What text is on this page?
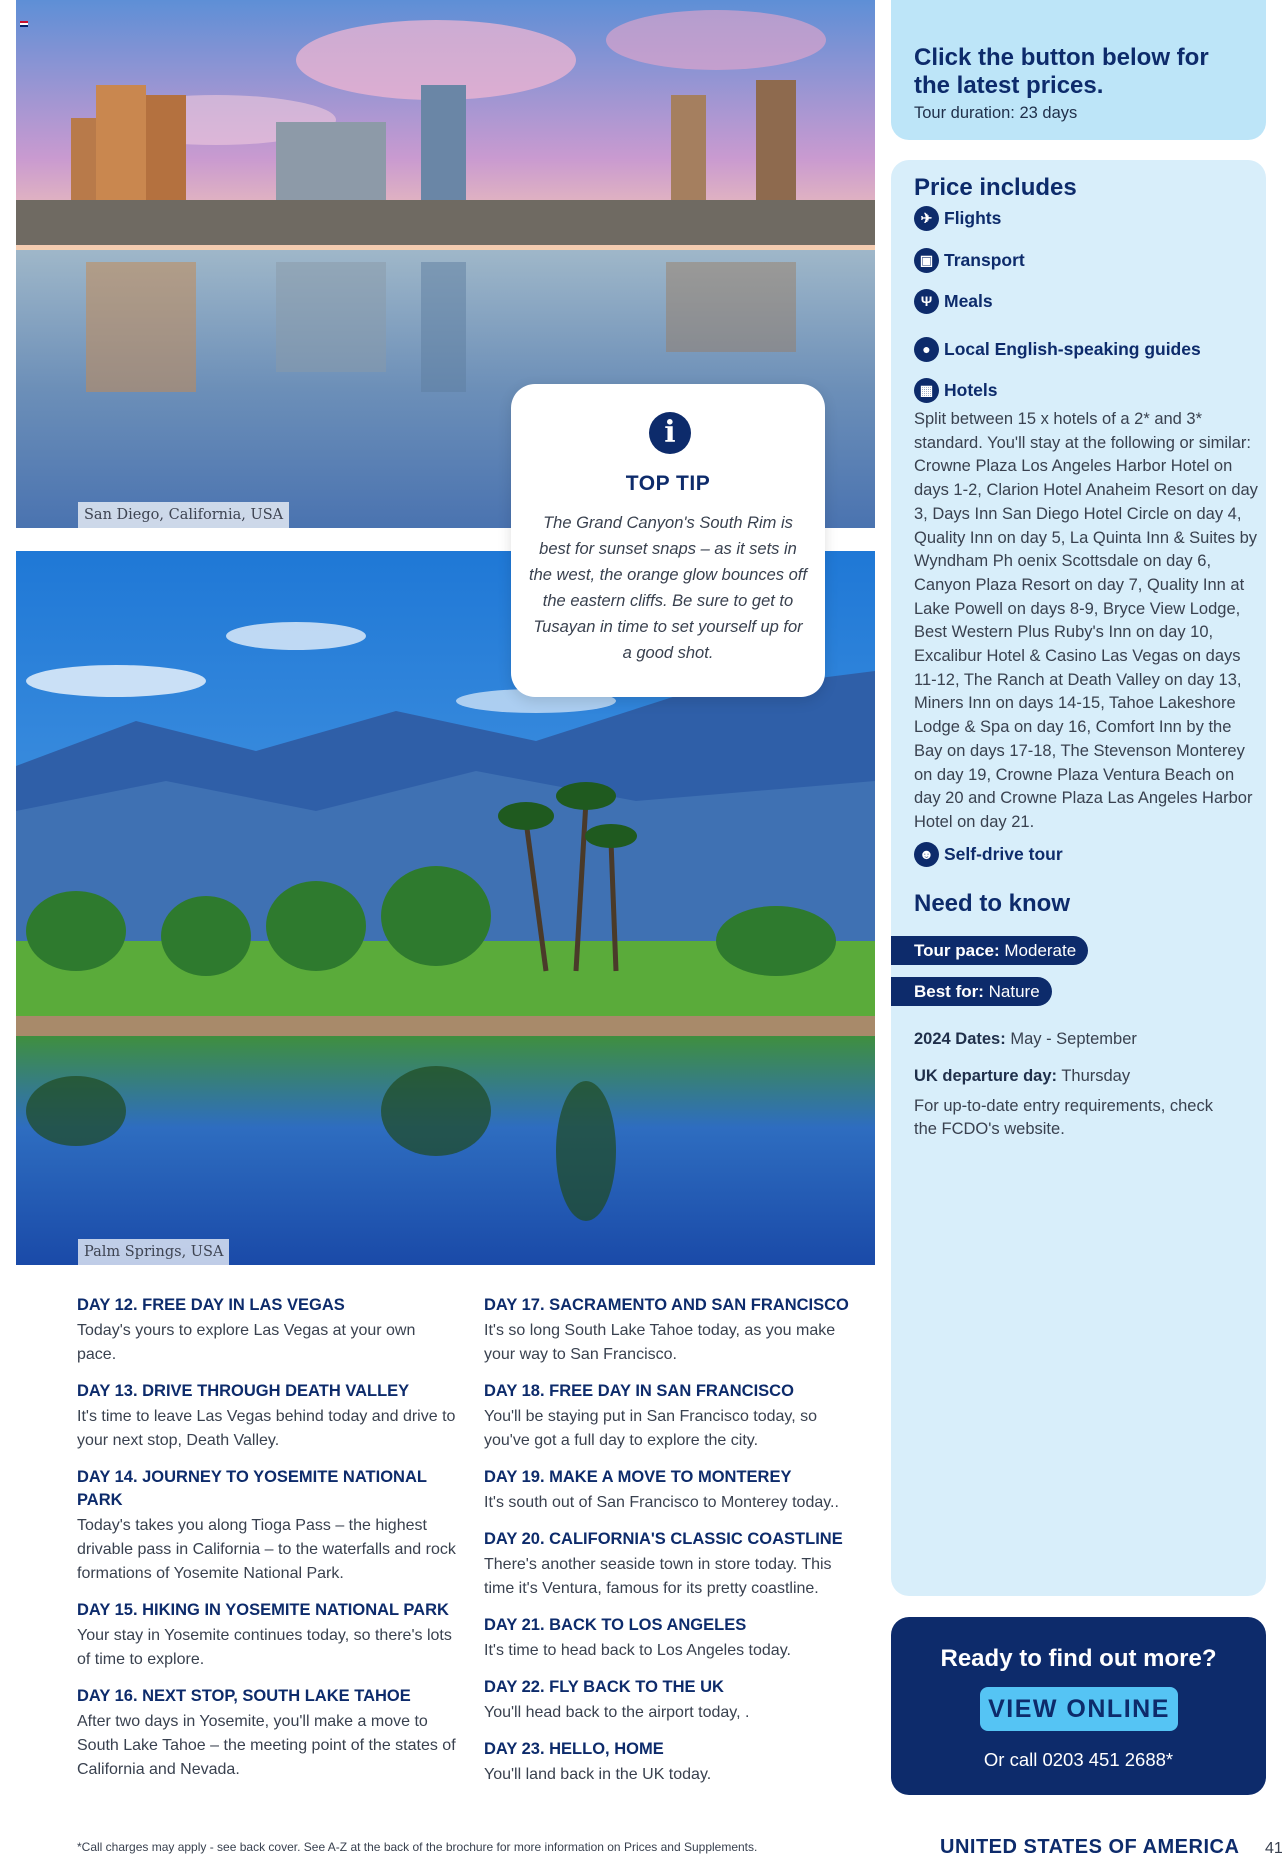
San Diego, California, USA
Palm Springs, USA
i
TOP TIP

The Grand Canyon's South Rim is best for sunset snaps – as it sets in the west, the orange glow bounces off the eastern cliffs. Be sure to get to Tusayan in time to set yourself up for a good shot.

DAY 12. FREE DAY IN LAS VEGAS

Today's yours to explore Las Vegas at your own pace.

DAY 13. DRIVE THROUGH DEATH VALLEY

It's time to leave Las Vegas behind today and drive to your next stop, Death Valley.

DAY 14. JOURNEY TO YOSEMITE NATIONAL PARK

Today's takes you along Tioga Pass – the highest drivable pass in California – to the waterfalls and rock formations of Yosemite National Park.

DAY 15. HIKING IN YOSEMITE NATIONAL PARK

Your stay in Yosemite continues today, so there's lots of time to explore.

DAY 16. NEXT STOP, SOUTH LAKE TAHOE

After two days in Yosemite, you'll make a move to South Lake Tahoe – the meeting point of the states of California and Nevada.

DAY 17. SACRAMENTO AND SAN FRANCISCO

It's so long South Lake Tahoe today, as you make your way to San Francisco.

DAY 18. FREE DAY IN SAN FRANCISCO

You'll be staying put in San Francisco today, so you've got a full day to explore the city.

DAY 19. MAKE A MOVE TO MONTEREY

It's south out of San Francisco to Monterey today..

DAY 20. CALIFORNIA'S CLASSIC COASTLINE

There's another seaside town in store today. This time it's Ventura, famous for its pretty coastline.

DAY 21. BACK TO LOS ANGELES

It's time to head back to Los Angeles today.

DAY 22. FLY BACK TO THE UK

You'll head back to the airport today, .

DAY 23. HELLO, HOME

You'll land back in the UK today.

Click the button below for the latest prices.

Tour duration: 23 days

Price includes
✈ Flights
▣ Transport
Ψ Meals
● Local English-speaking guides
▦ Hotels

Split between 15 x hotels of a 2* and 3* standard. You'll stay at the following or similar: Crowne Plaza Los Angeles Harbor Hotel on days 1-2, Clarion Hotel Anaheim Resort on day 3, Days Inn San Diego Hotel Circle on day 4, Quality Inn on day 5, La Quinta Inn & Suites by Wyndham Ph oenix Scottsdale on day 6, Canyon Plaza Resort on day 7, Quality Inn at Lake Powell on days 8-9, Bryce View Lodge, Best Western Plus Ruby's Inn on day 10, Excalibur Hotel & Casino Las Vegas on days 11-12, The Ranch at Death Valley on day 13, Miners Inn on days 14-15, Tahoe Lakeshore Lodge & Spa on day 16, Comfort Inn by the Bay on days 17-18, The Stevenson Monterey on day 19, Crowne Plaza Ventura Beach on day 20 and Crowne Plaza Las Angeles Harbor Hotel on day 21.

☻ Self-drive tour
Need to know
Tour pace: Moderate
Best for: Nature

2024 Dates: May - September

UK departure day: Thursday

For up-to-date entry requirements, check the FCDO's website.

Ready to find out more?
VIEW ONLINE
Or call 0203 451 2688*
*Call charges may apply - see back cover. See A-Z at the back of the brochure for more information on Prices and Supplements.	UNITED STATES OF AMERICA 41
